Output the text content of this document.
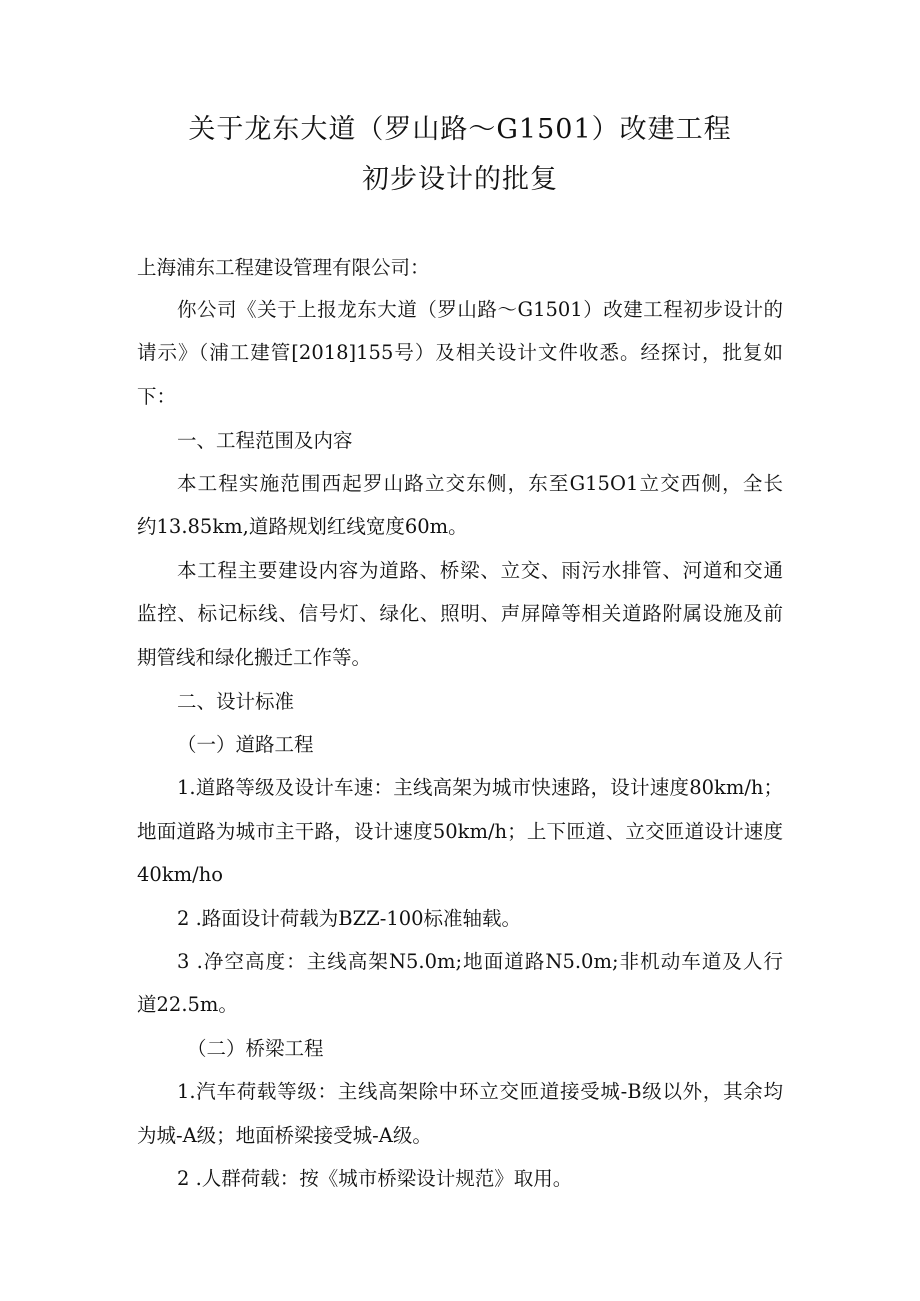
关于龙东大道（罗山路～G1501）改建工程
初步设计的批复
上海浦东工程建设管理有限公司：
你公司《关于上报龙东大道（罗山路～G1501）改建工程初步设计的
请示》（浦工建管[2018]155号）及相关设计文件收悉。经探讨，批复如
下：
一、工程范围及内容
本工程实施范围西起罗山路立交东侧，东至G15O1立交西侧，全长
约13.85km,道路规划红线宽度60m。
本工程主要建设内容为道路、桥梁、立交、雨污水排管、河道和交通
监控、标记标线、信号灯、绿化、照明、声屏障等相关道路附属设施及前
期管线和绿化搬迁工作等。
二、设计标准
（一）道路工程
1.道路等级及设计车速：主线高架为城市快速路，设计速度80km/h；
地面道路为城市主干路，设计速度50km/h；上下匝道、立交匝道设计速度
40km/ho
2 .路面设计荷载为BZZ-100标准轴载。
3 .净空高度：主线高架N5.0m;地面道路N5.0m;非机动车道及人行
道22.5m。
（二）桥梁工程
1.汽车荷载等级：主线高架除中环立交匝道接受城-B级以外，其余均
为城-A级；地面桥梁接受城-A级。
2 .人群荷载：按《城市桥梁设计规范》取用。
